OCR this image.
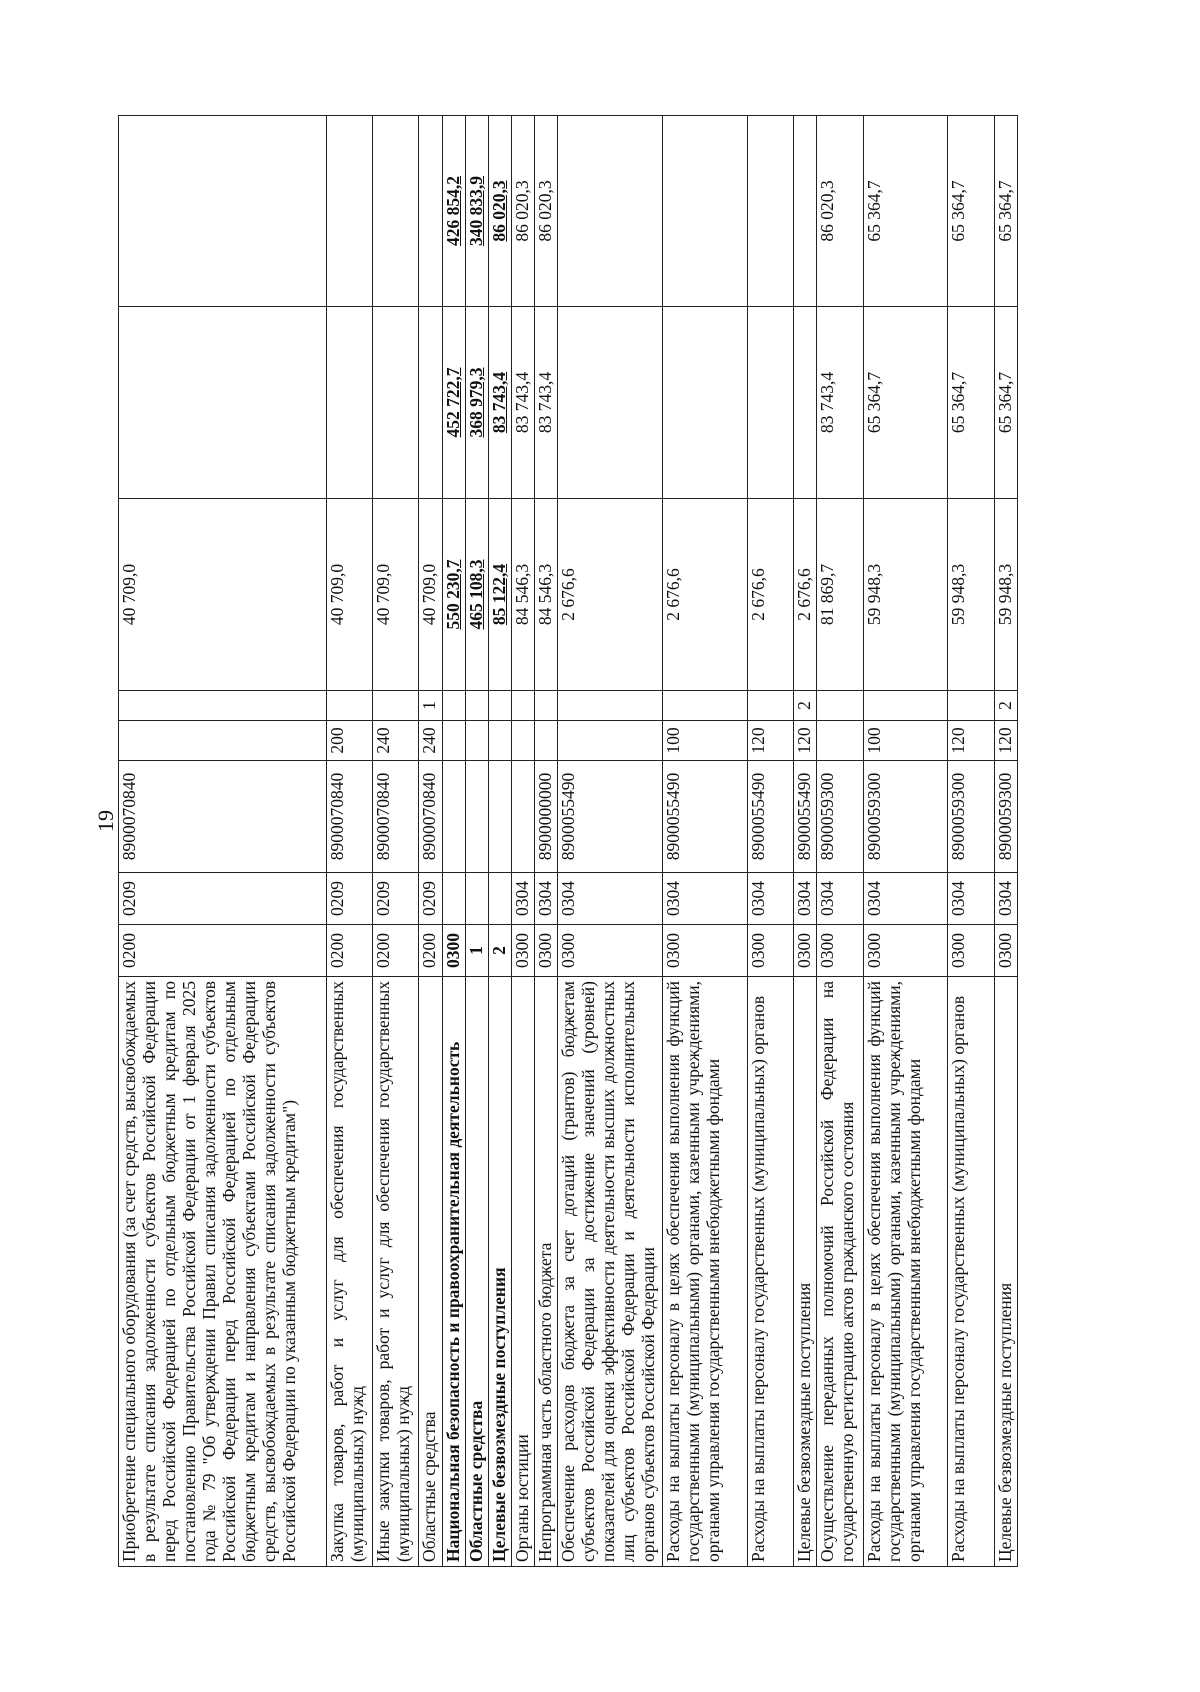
19
Приобретение специального оборудования (за счет средств, высвобождаемых в результате списания задолженности субъектов Российской Федерации перед Российской Федерацией по отдельным бюджетным кредитам по постановлению Правительства Российской Федерации от 1 февраля 2025 года № 79 "Об утверждении Правил списания задолженности субъектов Российской Федерации перед Российской Федерацией по отдельным бюджетным кредитам и направления субъектами Российской Федерации средств, высвобождаемых в результате списания задолженности субъектов Российской Федерации по указанным бюджетным кредитам")	0200	0209	8900070840			40 709,0		
Закупка товаров, работ и услуг для обеспечения государственных (муниципальных) нужд	0200	0209	8900070840	200		40 709,0		
Иные закупки товаров, работ и услуг для обеспечения государственных (муниципальных) нужд	0200	0209	8900070840	240		40 709,0		
Областные средства	0200	0209	8900070840	240	1	40 709,0		
Национальная безопасность и правоохранительная деятельность	0300					550 230,7	452 722,7	426 854,2
Областные средства	1					465 108,3	368 979,3	340 833,9
Целевые безвозмездные поступления	2					85 122,4	83 743,4	86 020,3
Органы юстиции	0300	0304				84 546,3	83 743,4	86 020,3
Непрограммная часть областного бюджета	0300	0304	8900000000			84 546,3	83 743,4	86 020,3
Обеспечение расходов бюджета за счет дотаций (грантов) бюджетам субъектов Российской Федерации за достижение значений (уровней) показателей для оценки эффективности деятельности высших должностных лиц субъектов Российской Федерации и деятельности исполнительных органов субъектов Российской Федерации	0300	0304	8900055490			2 676,6		
Расходы на выплаты персоналу в целях обеспечения выполнения функций государственными (муниципальными) органами, казенными учреждениями, органами управления государственными внебюджетными фондами	0300	0304	8900055490	100		2 676,6		
Расходы на выплаты персоналу государственных (муниципальных) органов	0300	0304	8900055490	120		2 676,6		
Целевые безвозмездные поступления	0300	0304	8900055490	120	2	2 676,6		
Осуществление переданных полномочий Российской Федерации на государственную регистрацию актов гражданского состояния	0300	0304	8900059300			81 869,7	83 743,4	86 020,3
Расходы на выплаты персоналу в целях обеспечения выполнения функций государственными (муниципальными) органами, казенными учреждениями, органами управления государственными внебюджетными фондами	0300	0304	8900059300	100		59 948,3	65 364,7	65 364,7
Расходы на выплаты персоналу государственных (муниципальных) органов	0300	0304	8900059300	120		59 948,3	65 364,7	65 364,7
Целевые безвозмездные поступления	0300	0304	8900059300	120	2	59 948,3	65 364,7	65 364,7
